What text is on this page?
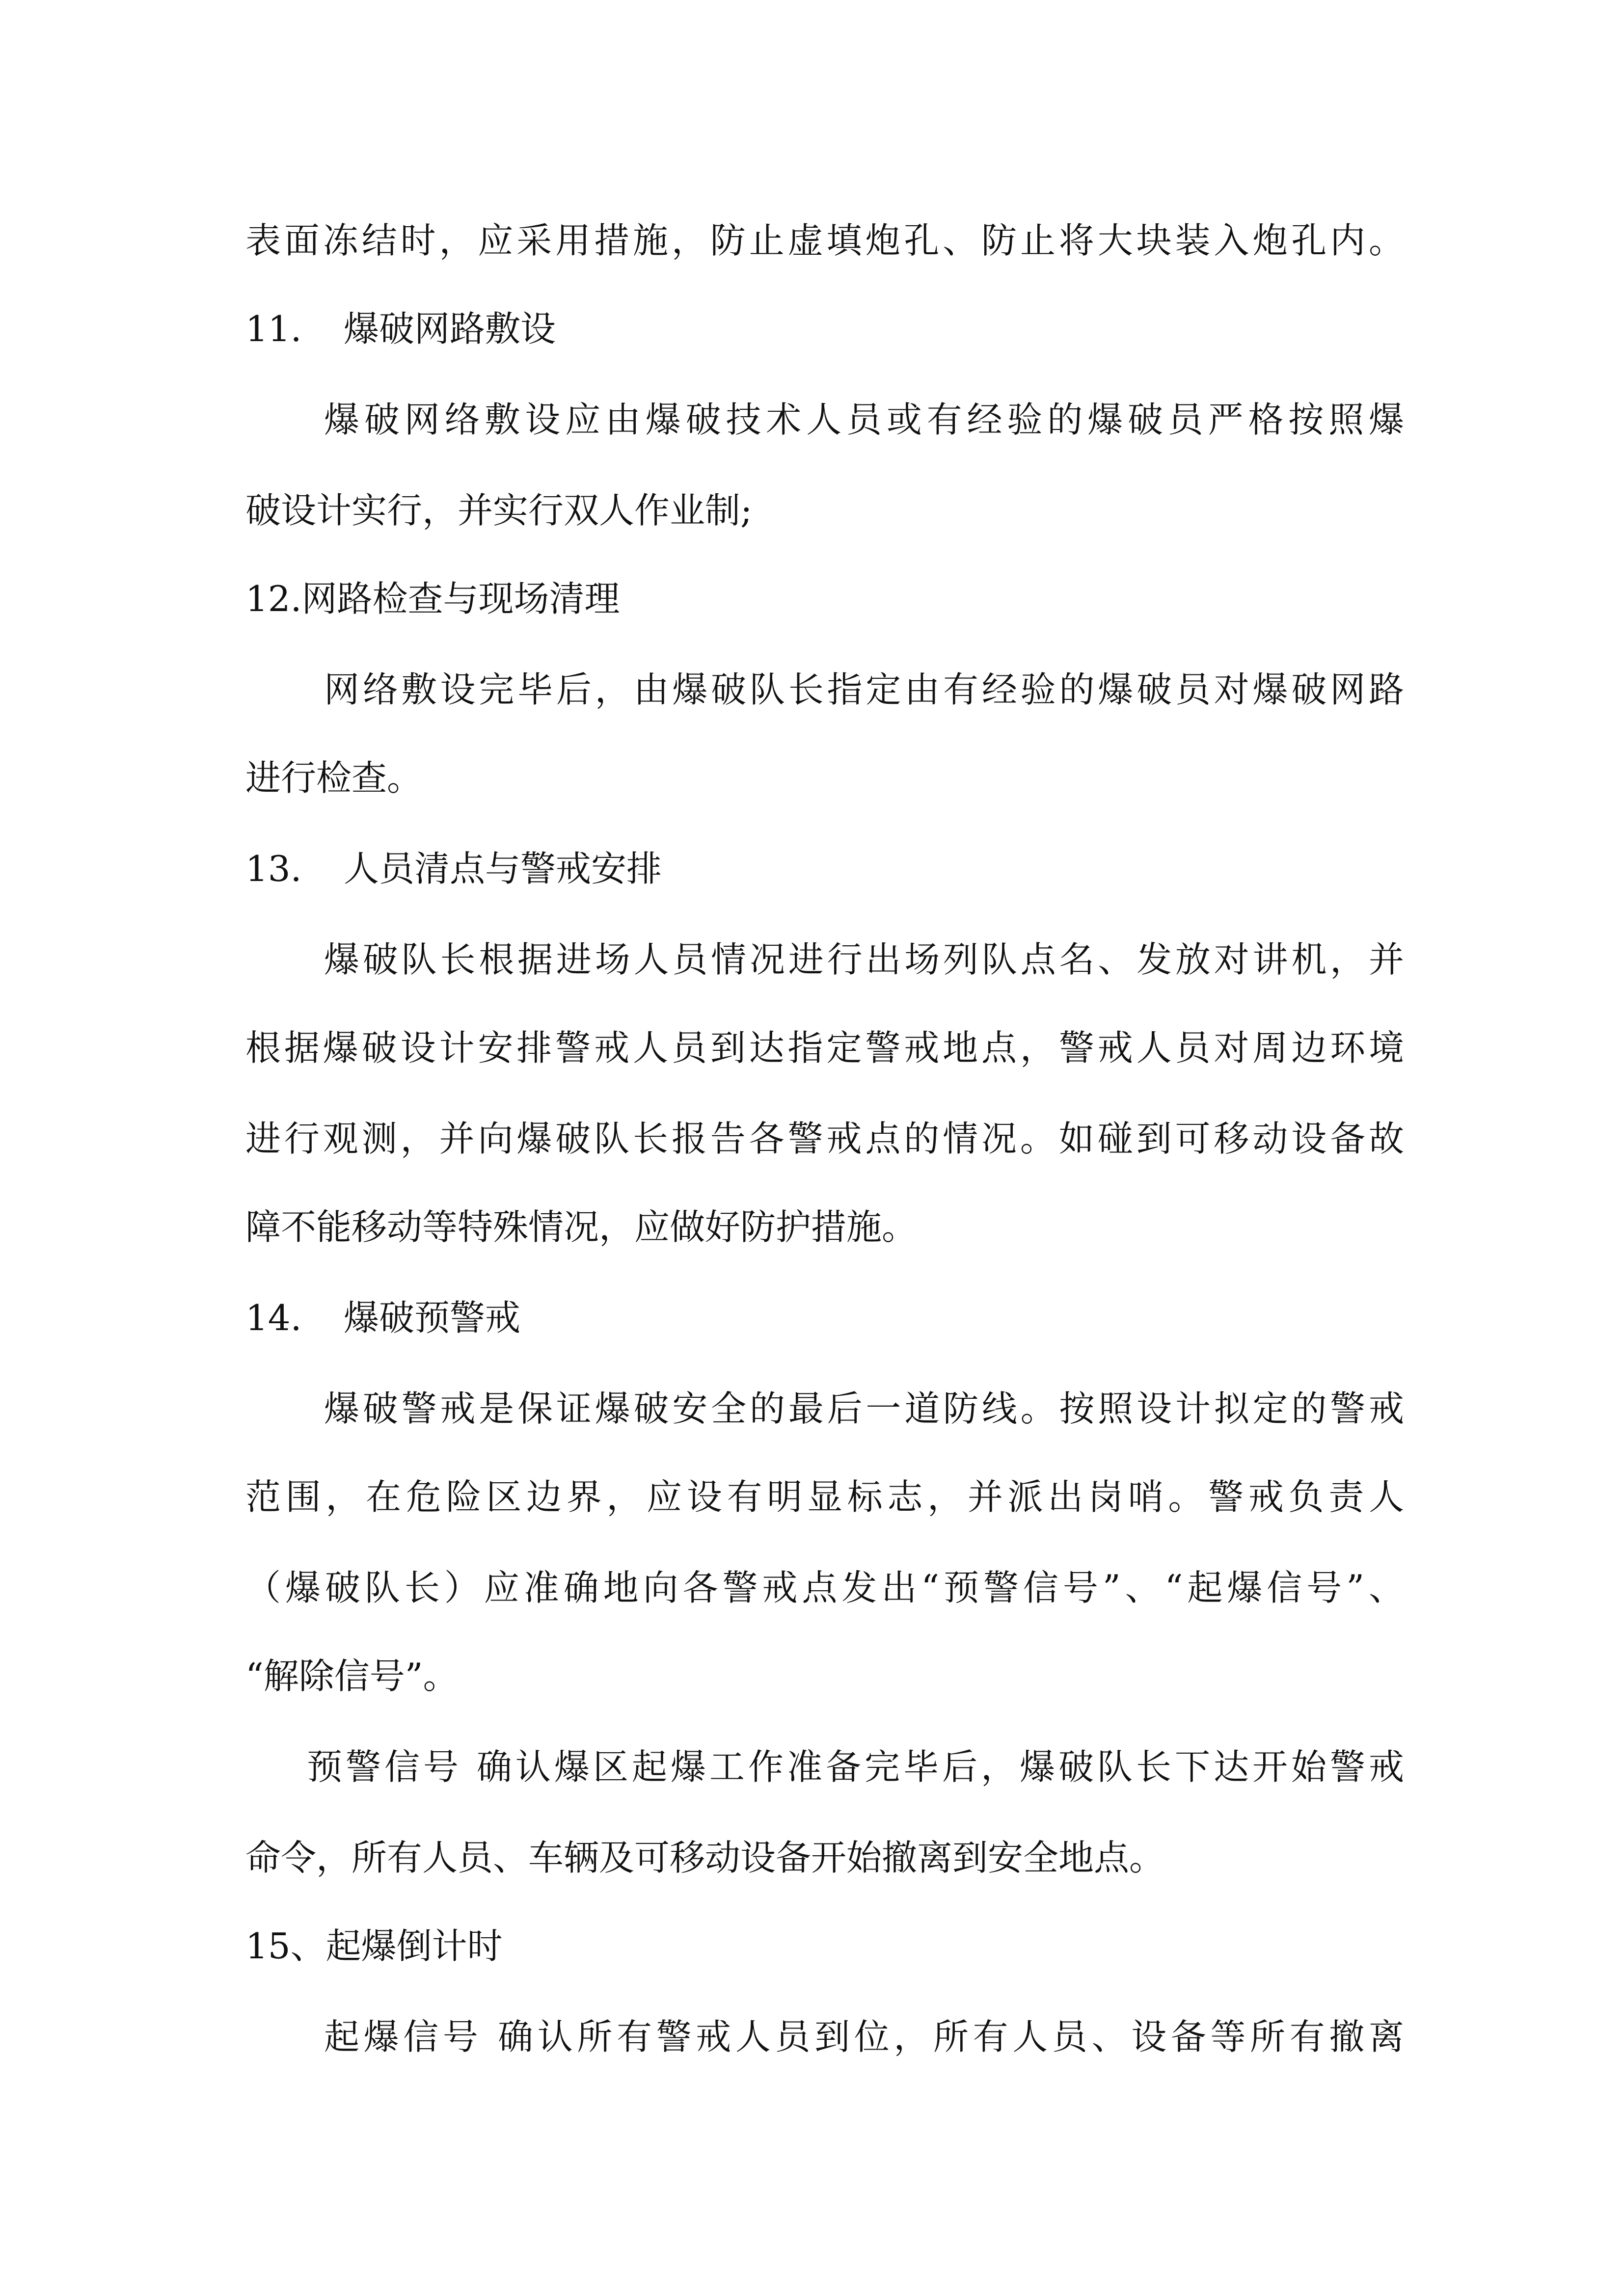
表面冻结时，应采用措施，防止虚填炮孔、防止将大块装入炮孔内。
11. 爆破网路敷设
爆破网络敷设应由爆破技术人员或有经验的爆破员严格按照爆
破设计实行，并实行双人作业制;
12.网路检查与现场清理
网络敷设完毕后，由爆破队长指定由有经验的爆破员对爆破网路
进行检查。
13. 人员清点与警戒安排
爆破队长根据进场人员情况进行出场列队点名、发放对讲机，并
根据爆破设计安排警戒人员到达指定警戒地点，警戒人员对周边环境
进行观测，并向爆破队长报告各警戒点的情况。如碰到可移动设备故
障不能移动等特殊情况，应做好防护措施。
14. 爆破预警戒
爆破警戒是保证爆破安全的最后一道防线。按照设计拟定的警戒
范围，在危险区边界，应设有明显标志，并派出岗哨。警戒负责人
（爆破队长）应准确地向各警戒点发出“预警信号”、“起爆信号”、
“解除信号”。
预警信号 确认爆区起爆工作准备完毕后，爆破队长下达开始警戒
命令，所有人员、车辆及可移动设备开始撤离到安全地点。
15、起爆倒计时
起爆信号 确认所有警戒人员到位，所有人员、设备等所有撤离
